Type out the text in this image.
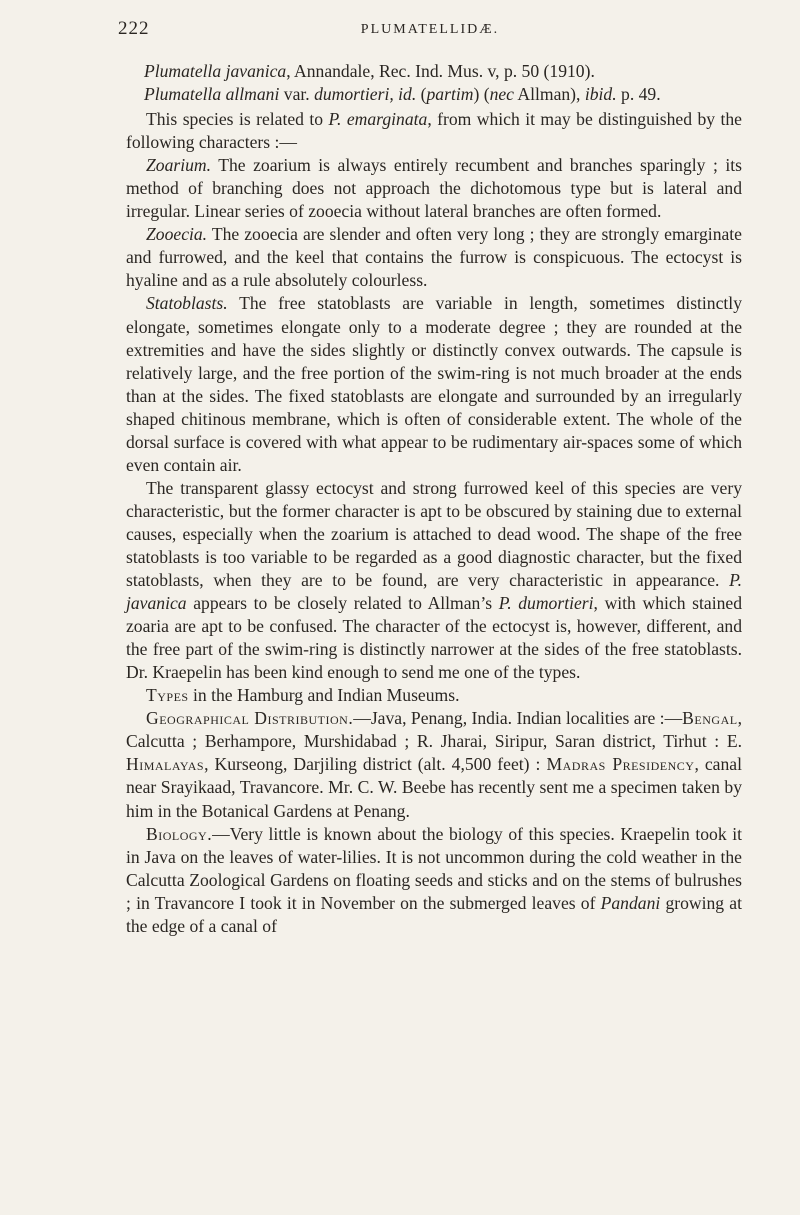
222	PLUMATELLIDÆ.

Plumatella javanica, Annandale, Rec. Ind. Mus. v, p. 50 (1910).

Plumatella allmani var. dumortieri, id. (partim) (nec Allman), ibid. p. 49.

This species is related to P. emarginata, from which it may be distinguished by the following characters :—

Zoarium. The zoarium is always entirely recumbent and branches sparingly ; its method of branching does not approach the dichotomous type but is lateral and irregular. Linear series of zooecia without lateral branches are often formed.

Zooecia. The zooecia are slender and often very long ; they are strongly emarginate and furrowed, and the keel that contains the furrow is conspicuous. The ectocyst is hyaline and as a rule absolutely colourless.

Statoblasts. The free statoblasts are variable in length, sometimes distinctly elongate, sometimes elongate only to a moderate degree ; they are rounded at the extremities and have the sides slightly or distinctly convex outwards. The capsule is relatively large, and the free portion of the swim-ring is not much broader at the ends than at the sides. The fixed statoblasts are elongate and surrounded by an irregularly shaped chitinous membrane, which is often of considerable extent. The whole of the dorsal surface is covered with what appear to be rudimentary air-spaces some of which even contain air.

The transparent glassy ectocyst and strong furrowed keel of this species are very characteristic, but the former character is apt to be obscured by staining due to external causes, especially when the zoarium is attached to dead wood. The shape of the free statoblasts is too variable to be regarded as a good diagnostic character, but the fixed statoblasts, when they are to be found, are very characteristic in appearance. P. javanica appears to be closely related to Allman’s P. dumortieri, with which stained zoaria are apt to be confused. The character of the ectocyst is, however, different, and the free part of the swim-ring is distinctly narrower at the sides of the free statoblasts. Dr. Kraepelin has been kind enough to send me one of the types.

Types in the Hamburg and Indian Museums.

Geographical Distribution.—Java, Penang, India. Indian localities are :—Bengal, Calcutta ; Berhampore, Murshidabad ; R. Jharai, Siripur, Saran district, Tirhut : E. Himalayas, Kurseong, Darjiling district (alt. 4,500 feet) : Madras Presidency, canal near Srayikaad, Travancore. Mr. C. W. Beebe has recently sent me a specimen taken by him in the Botanical Gardens at Penang.

Biology.—Very little is known about the biology of this species. Kraepelin took it in Java on the leaves of water-lilies. It is not uncommon during the cold weather in the Calcutta Zoological Gardens on floating seeds and sticks and on the stems of bulrushes ; in Travancore I took it in November on the submerged leaves of Pandani growing at the edge of a canal of
